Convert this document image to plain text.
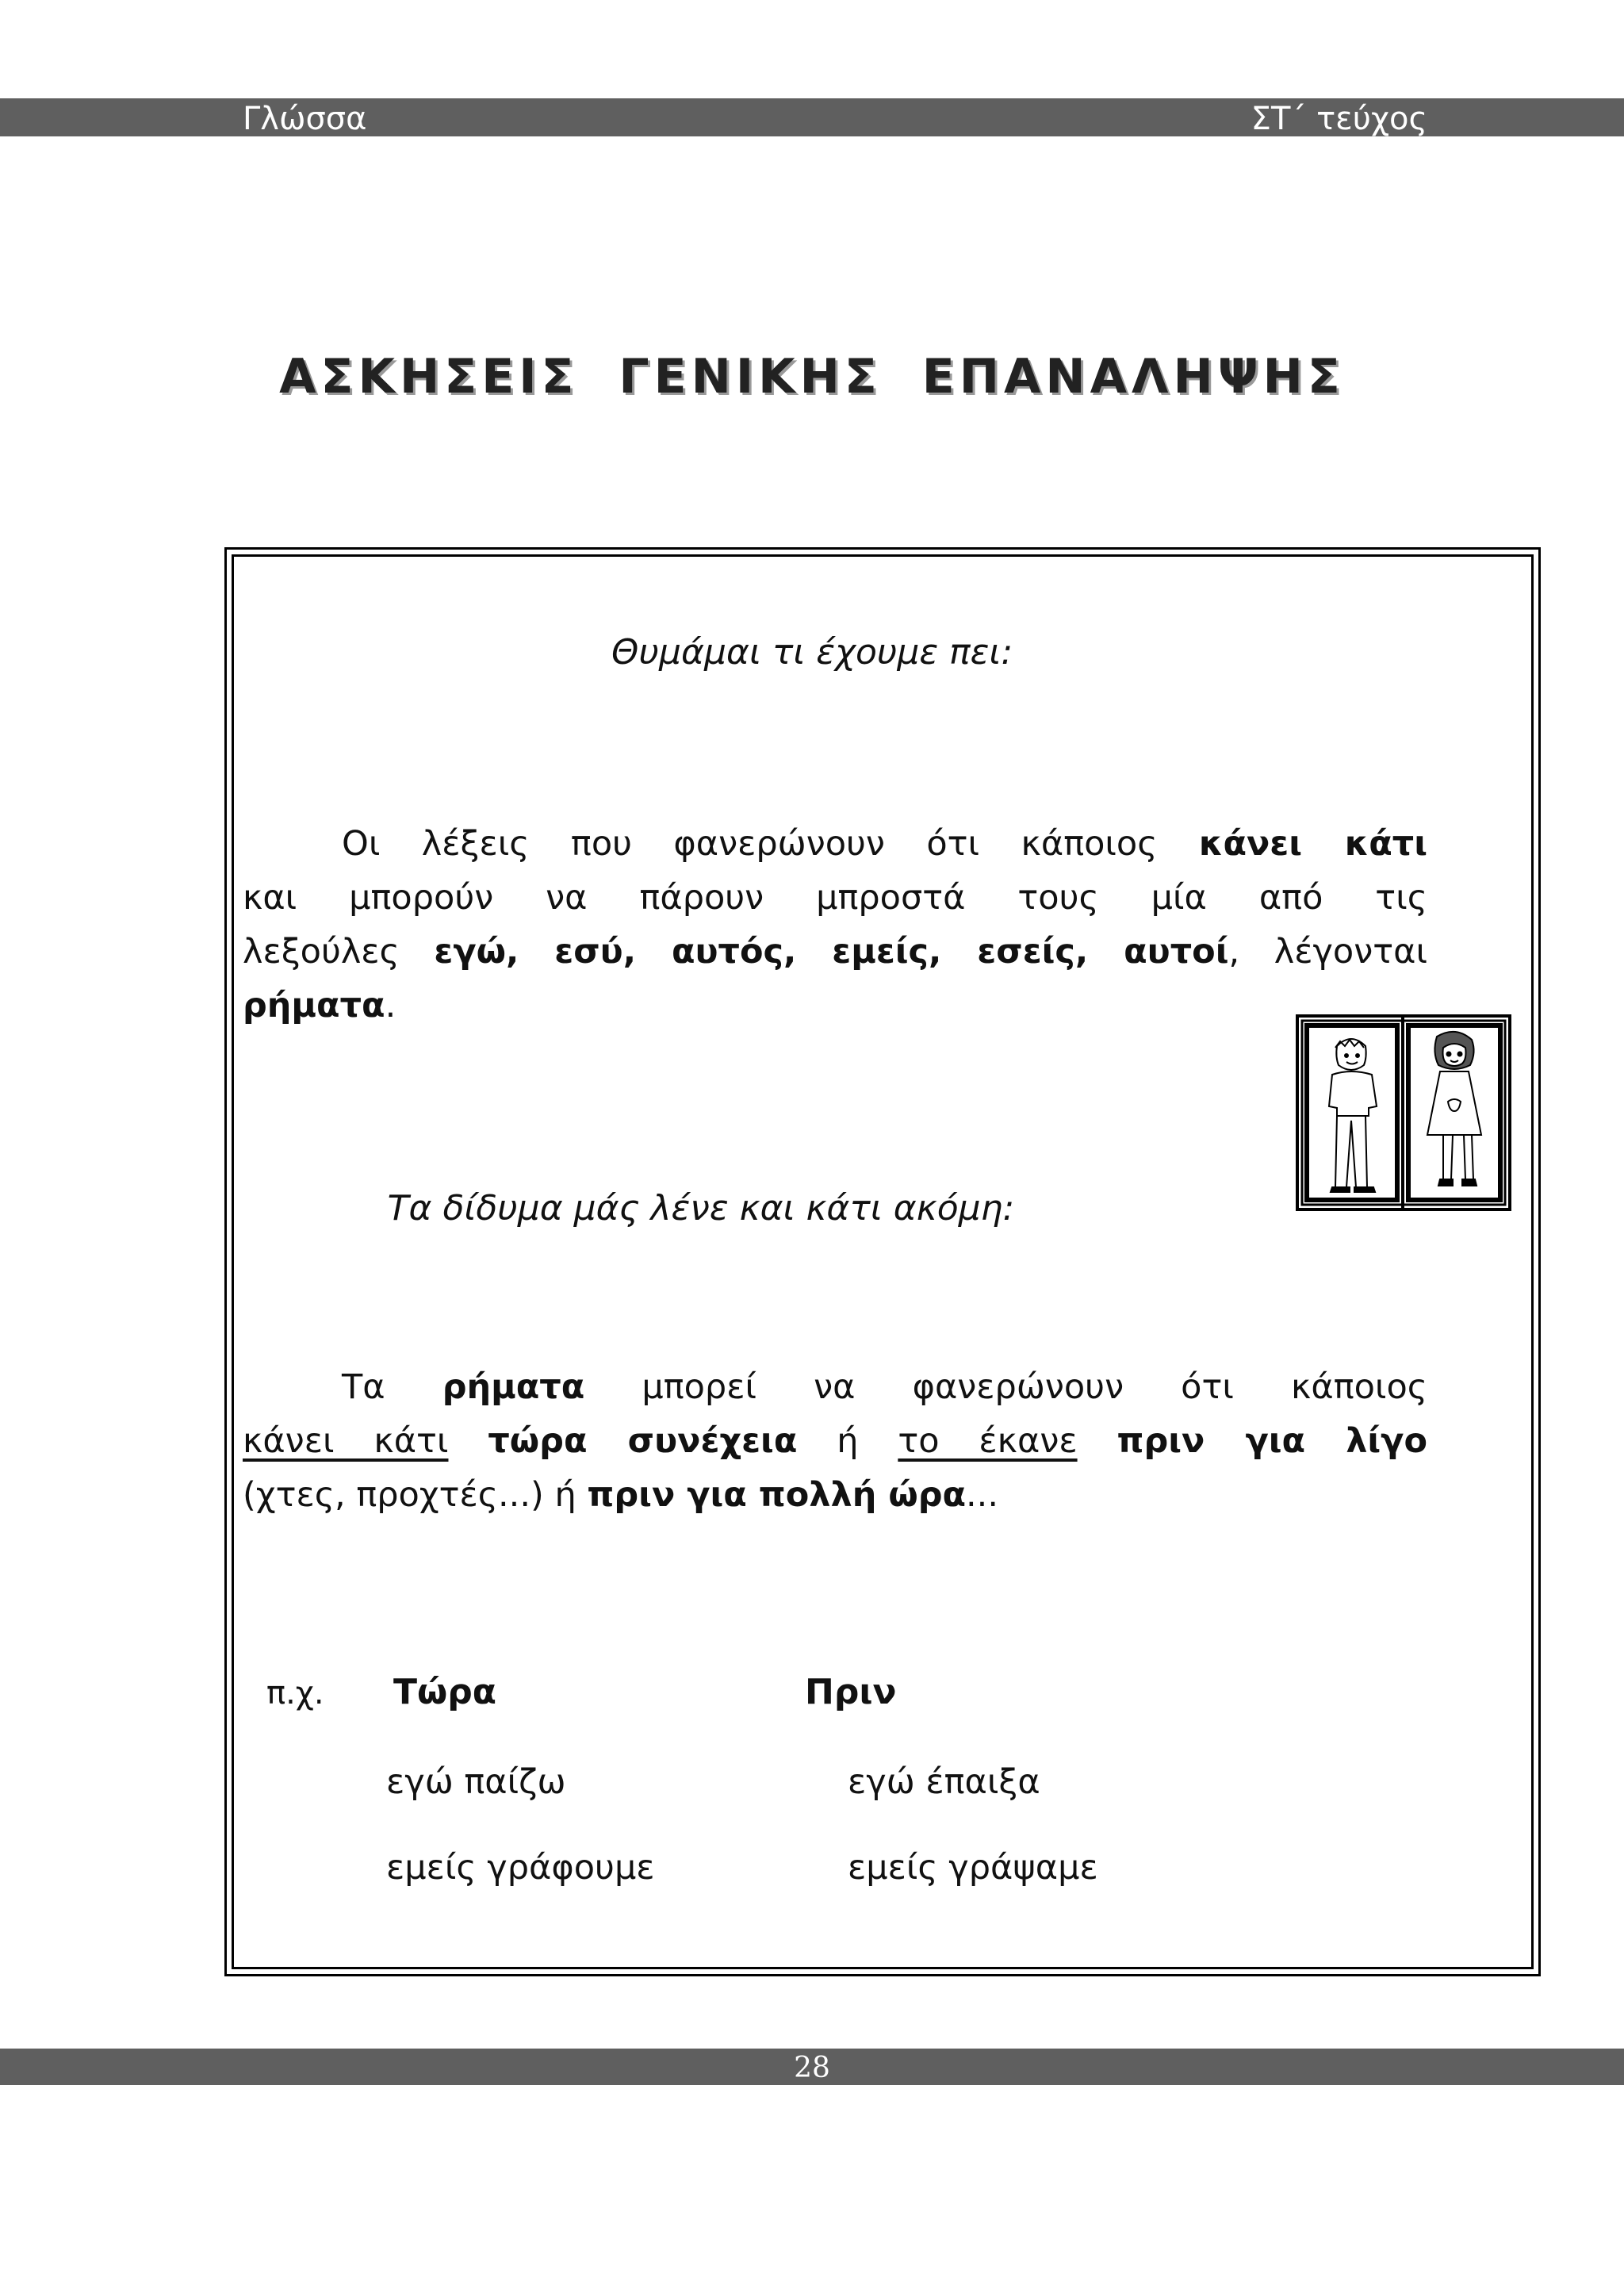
Γλώσσα	ΣΤ΄ τεύχος
ΑΣΚΗΣΕΙΣ ΓΕΝΙΚΗΣ ΕΠΑΝΑΛΗΨΗΣ
Θυμάμαι τι έχουμε πει:
Οι λέξεις που φανερώνουν ότι κάποιος κάνει κάτι
και μπορούν να πάρουν μπροστά τους μία από τις
λεξούλες εγώ, εσύ, αυτός, εμείς, εσείς, αυτοί, λέγονται
ρήματα.
Τα δίδυμα μάς λένε και κάτι ακόμη:
Τα ρήματα μπορεί να φανερώνουν ότι κάποιος
κάνει κάτι τώρα συνέχεια ή το έκανε πριν για λίγο
(χτες, προχτές...) ή πριν για πολλή ώρα...
π.χ. Τώρα	Πριν
εγώ παίζω	εγώ έπαιξα
εμείς γράφουμε	εμείς γράψαμε
28
